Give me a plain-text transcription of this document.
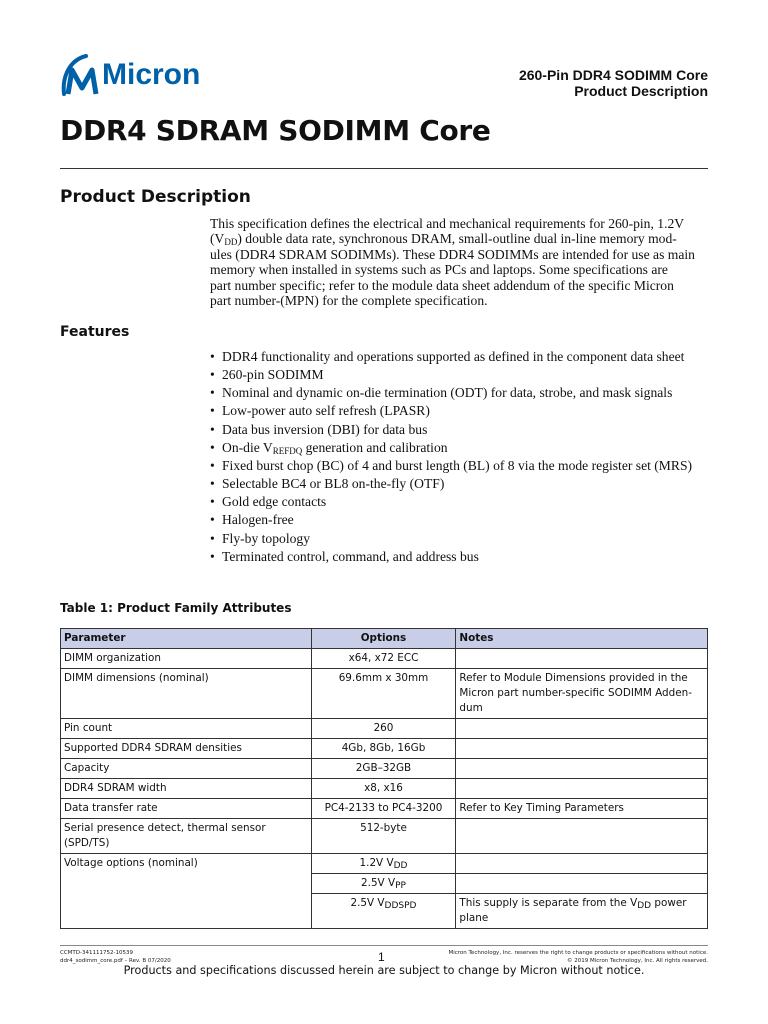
Micron	260-Pin DDR4 SODIMM Core
Product Description
DDR4 SDRAM SODIMM Core
Product Description

This specification defines the electrical and mechanical requirements for 260-pin, 1.2V
$(V_{DD})$ double data rate, synchronous DRAM, small-outline dual in-line memory mod-
ules (DDR4 SDRAM SODIMMs). These DDR4 SODIMMs are intended for use as main
memory when installed in systems such as PCs and laptops. Some specifications are
part number specific; refer to the module data sheet addendum of the specific Micron
part number-(MPN) for the complete specification.

Features
• DDR4 functionality and operations supported as defined in the component data sheet
• 260-pin SODIMM
• Nominal and dynamic on-die termination (ODT) for data, strobe, and mask signals
• Low-power auto self refresh (LPASR)
• Data bus inversion (DBI) for data bus
• On-die $V_{REFDQ}$ generation and calibration
• Fixed burst chop (BC) of 4 and burst length (BL) of 8 via the mode register set (MRS)
• Selectable BC4 or BL8 on-the-fly (OTF)
• Gold edge contacts
• Halogen-free
• Fly-by topology
• Terminated control, command, and address bus
Table 1: Product Family Attributes
Parameter	Options	Notes
DIMM organization	x64, x72 ECC	
DIMM dimensions (nominal)	69.6mm x 30mm	Refer to Module Dimensions provided in the Micron part number-specific SODIMM Adden-dum
Pin count	260	
Supported DDR4 SDRAM densities	4Gb, 8Gb, 16Gb	
Capacity	2GB–32GB	
DDR4 SDRAM width	x8, x16	
Data transfer rate	PC4-2133 to PC4-3200	Refer to Key Timing Parameters
Serial presence detect, thermal sensor (SPD/TS)	512-byte	
Voltage options (nominal)	1.2V $V_{DD}$	
	2.5V $V_{PP}$	
	2.5V $V_{DDSPD}$	This supply is separate from the $V_{DD}$ power plane
CCMTD-341111752-10539
ddr4_sodimm_core.pdf – Rev. B 07/2020	1	Micron Technology, Inc. reserves the right to change products or specifications without notice.
© 2019 Micron Technology, Inc. All rights reserved.
Products and specifications discussed herein are subject to change by Micron without notice.
